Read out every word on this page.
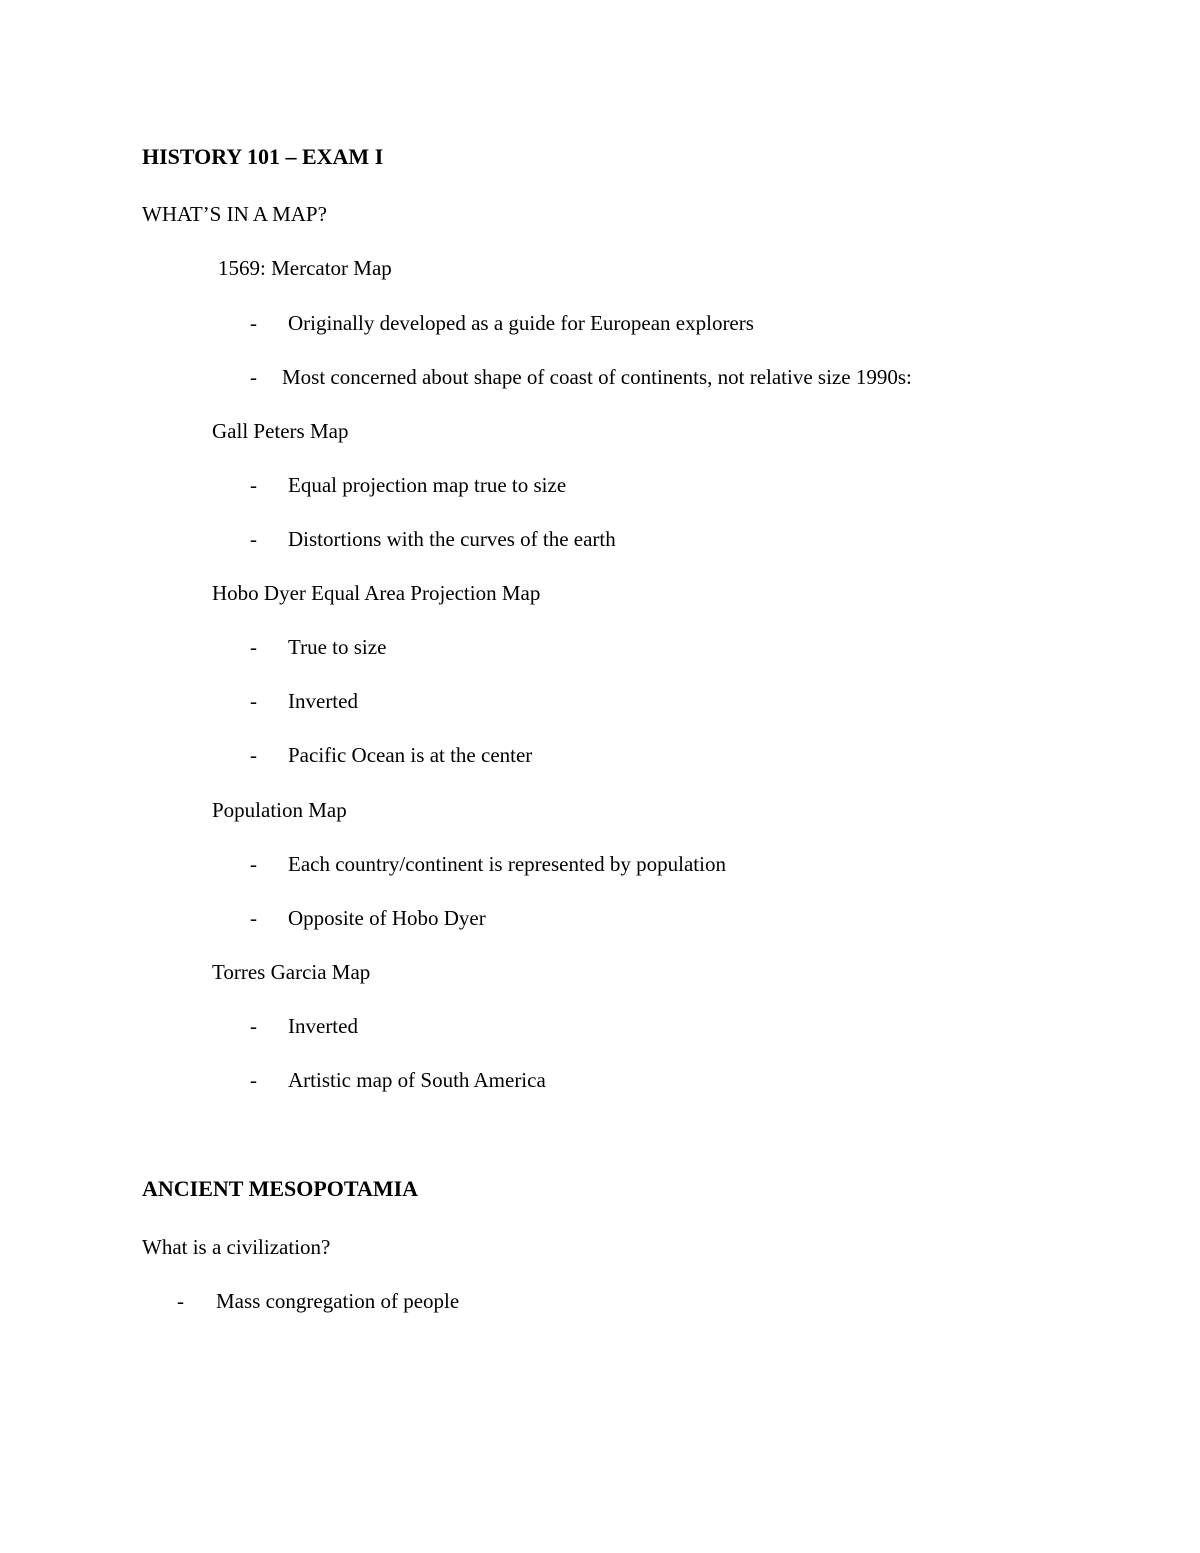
HISTORY 101 – EXAM I
WHAT’S IN A MAP?
1569: Mercator Map
- Originally developed as a guide for European explorers
- Most concerned about shape of coast of continents, not relative size 1990s:
Gall Peters Map
- Equal projection map true to size
- Distortions with the curves of the earth
Hobo Dyer Equal Area Projection Map
- True to size
- Inverted
- Pacific Ocean is at the center
Population Map
- Each country/continent is represented by population
- Opposite of Hobo Dyer
Torres Garcia Map
- Inverted
- Artistic map of South America
ANCIENT MESOPOTAMIA
What is a civilization?
- Mass congregation of people
